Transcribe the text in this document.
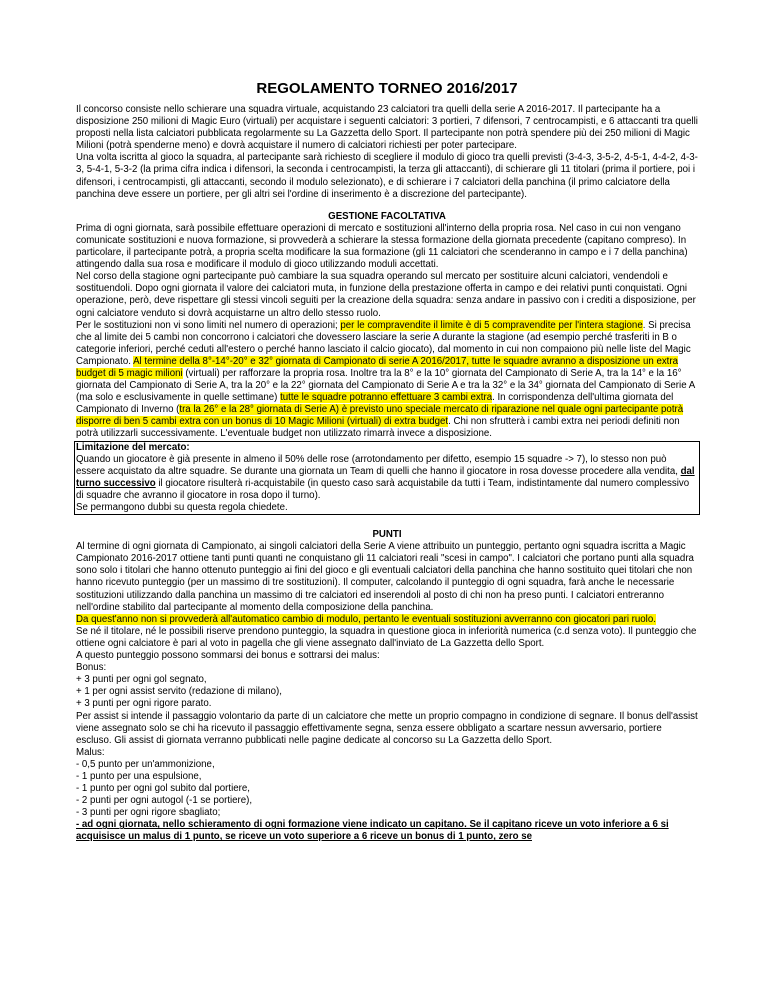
REGOLAMENTO TORNEO 2016/2017

Il concorso consiste nello schierare una squadra virtuale, acquistando 23 calciatori tra quelli della serie A 2016-2017. Il partecipante ha a disposizione 250 milioni di Magic Euro (virtuali) per acquistare i seguenti calciatori: 3 portieri, 7 difensori, 7 centrocampisti, e 6 attaccanti tra quelli proposti nella lista calciatori pubblicata regolarmente su La Gazzetta dello Sport. Il partecipante non potrà spendere più dei 250 milioni di Magic Milioni (potrà spenderne meno) e dovrà acquistare il numero di calciatori richiesti per poter partecipare.

Una volta iscritta al gioco la squadra, al partecipante sarà richiesto di scegliere il modulo di gioco tra quelli previsti (3-4-3, 3-5-2, 4-5-1, 4-4-2, 4-3-3, 5-4-1, 5-3-2 (la prima cifra indica i difensori, la seconda i centrocampisti, la terza gli attaccanti), di schierare gli 11 titolari (prima il portiere, poi i difensori, i centrocampisti, gli attaccanti, secondo il modulo selezionato), e di schierare i 7 calciatori della panchina (il primo calciatore della panchina deve essere un portiere, per gli altri sei l'ordine di inserimento è a discrezione del partecipante).

GESTIONE FACOLTATIVA

Prima di ogni giornata, sarà possibile effettuare operazioni di mercato e sostituzioni all'interno della propria rosa. Nel caso in cui non vengano comunicate sostituzioni e nuova formazione, si provvederà a schierare la stessa formazione della giornata precedente (capitano compreso). In particolare, il partecipante potrà, a propria scelta modificare la sua formazione (gli 11 calciatori che scenderanno in campo e i 7 della panchina) attingendo dalla sua rosa e modificare il modulo di gioco utilizzando moduli accettati.

Nel corso della stagione ogni partecipante può cambiare la sua squadra operando sul mercato per sostituire alcuni calciatori, vendendoli e sostituendoli. Dopo ogni giornata il valore dei calciatori muta, in funzione della prestazione offerta in campo e dei relativi punti conquistati. Ogni operazione, però, deve rispettare gli stessi vincoli seguiti per la creazione della squadra: senza andare in passivo con i crediti a disposizione, per ogni calciatore venduto si dovrà acquistarne un altro dello stesso ruolo.

Per le sostituzioni non vi sono limiti nel numero di operazioni; per le compravendite il limite è di 5 compravendite per l'intera stagione. Si precisa che al limite dei 5 cambi non concorrono i calciatori che dovessero lasciare la serie A durante la stagione (ad esempio perché trasferiti in B o categorie inferiori, perché ceduti all'estero o perché hanno lasciato il calcio giocato), dal momento in cui non compaiono più nelle liste del Magic Campionato. Al termine della 8°-14°-20° e 32° giornata di Campionato di serie A 2016/2017, tutte le squadre avranno a disposizione un extra budget di 5 magic milioni (virtuali) per rafforzare la propria rosa. Inoltre tra la 8° e la 10° giornata del Campionato di Serie A, tra la 14° e la 16° giornata del Campionato di Serie A, tra la 20° e la 22° giornata del Campionato di Serie A e tra la 32° e la 34° giornata del Campionato di Serie A (ma solo e esclusivamente in quelle settimane) tutte le squadre potranno effettuare 3 cambi extra. In corrispondenza dell'ultima giornata del Campionato di Inverno (tra la 26° e la 28° giornata di Serie A) è previsto uno speciale mercato di riparazione nel quale ogni partecipante potrà disporre di ben 5 cambi extra con un bonus di 10 Magic Milioni (virtuali) di extra budget. Chi non sfrutterà i cambi extra nei periodi definiti non potrà utilizzarli successivamente. L'eventuale budget non utilizzato rimarrà invece a disposizione.

Limitazione del mercato:

Quando un giocatore è già presente in almeno il 50% delle rose (arrotondamento per difetto, esempio 15 squadre -> 7), lo stesso non può essere acquistato da altre squadre. Se durante una giornata un Team di quelli che hanno il giocatore in rosa dovesse procedere alla vendita, dal turno successivo il giocatore risulterà ri-acquistabile (in questo caso sarà acquistabile da tutti i Team, indistintamente dal numero complessivo di squadre che avranno il giocatore in rosa dopo il turno).

Se permangono dubbi su questa regola chiedete.

PUNTI

Al termine di ogni giornata di Campionato, ai singoli calciatori della Serie A viene attribuito un punteggio, pertanto ogni squadra iscritta a Magic Campionato 2016-2017 ottiene tanti punti quanti ne conquistano gli 11 calciatori reali "scesi in campo". I calciatori che portano punti alla squadra sono solo i titolari che hanno ottenuto punteggio ai fini del gioco e gli eventuali calciatori della panchina che hanno sostituito quei titolari che non hanno ricevuto punteggio (per un massimo di tre sostituzioni). Il computer, calcolando il punteggio di ogni squadra, farà anche le necessarie sostituzioni utilizzando dalla panchina un massimo di tre calciatori ed inserendoli al posto di chi non ha preso punti. I calciatori entreranno nell'ordine stabilito dal partecipante al momento della composizione della panchina.

Da quest'anno non si provvederà all'automatico cambio di modulo, pertanto le eventuali sostituzioni avverranno con giocatori pari ruolo.

Se né il titolare, né le possibili riserve prendono punteggio, la squadra in questione gioca in inferiorità numerica (c.d senza voto). Il punteggio che ottiene ogni calciatore è pari al voto in pagella che gli viene assegnato dall'inviato de La Gazzetta dello Sport.

A questo punteggio possono sommarsi dei bonus e sottrarsi dei malus:

Bonus:

+ 3 punti per ogni gol segnato,

+ 1 per ogni assist servito (redazione di milano),

+ 3 punti per ogni rigore parato.

Per assist si intende il passaggio volontario da parte di un calciatore che mette un proprio compagno in condizione di segnare. Il bonus dell'assist viene assegnato solo se chi ha ricevuto il passaggio effettivamente segna, senza essere obbligato a scartare nessun avversario, portiere escluso. Gli assist di giornata verranno pubblicati nelle pagine dedicate al concorso su La Gazzetta dello Sport.

Malus:

- 0,5 punto per un'ammonizione,

- 1 punto per una espulsione,

- 1 punto per ogni gol subito dal portiere,

- 2 punti per ogni autogol (-1 se portiere),

- 3 punti per ogni rigore sbagliato;

- ad ogni giornata, nello schieramento di ogni formazione viene indicato un capitano. Se il capitano riceve un voto inferiore a 6 si acquisisce un malus di 1 punto, se riceve un voto superiore a 6 riceve un bonus di 1 punto, zero se
